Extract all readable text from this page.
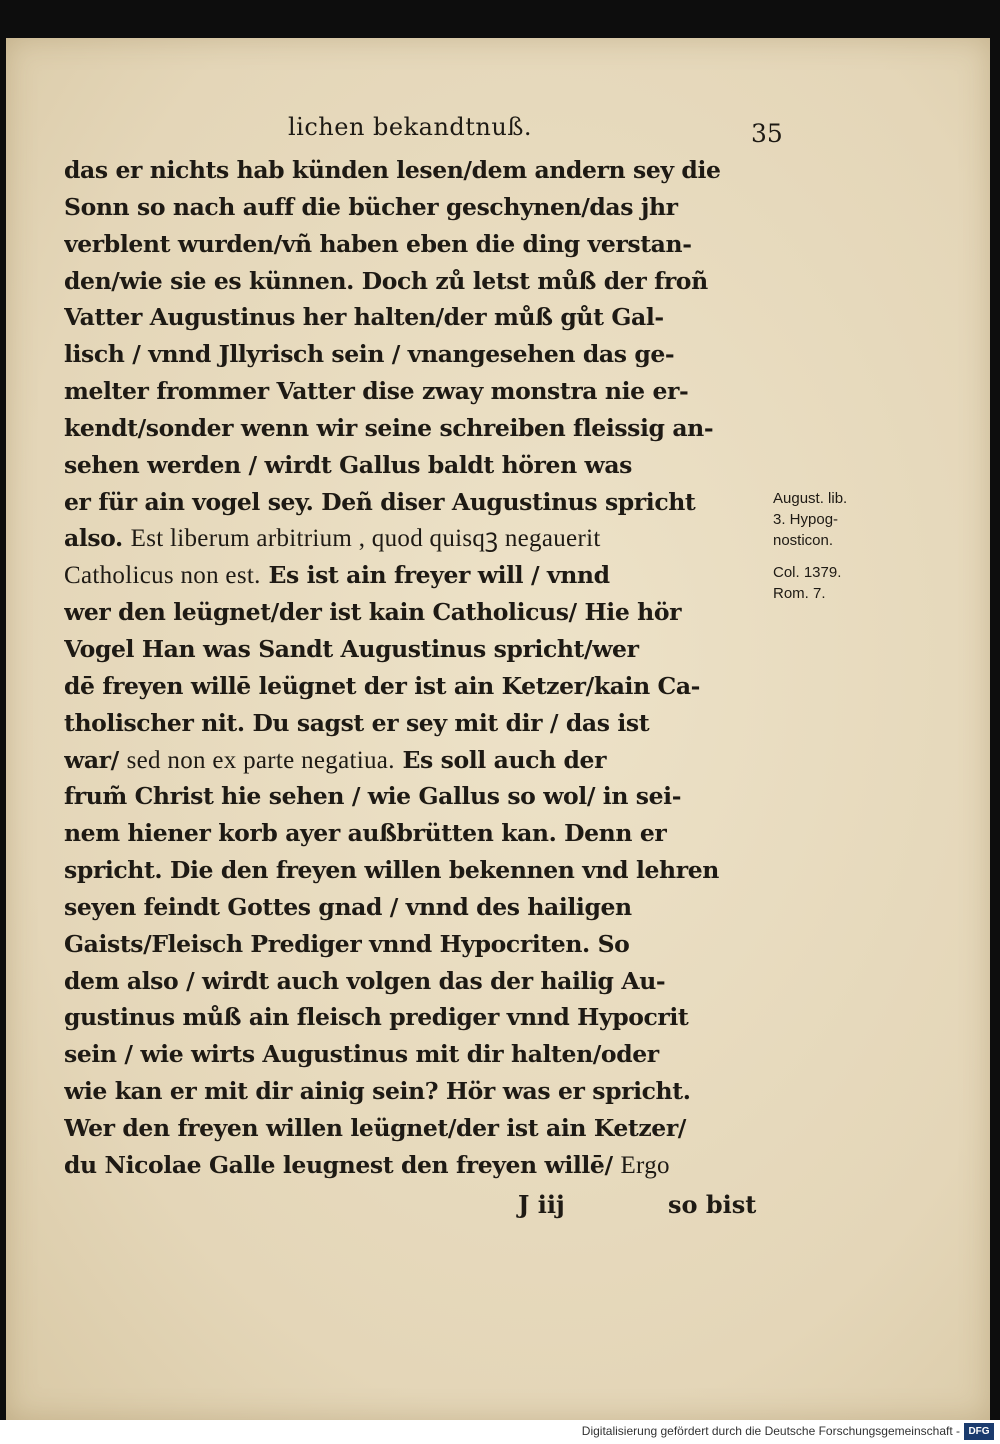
lichen bekandtnuß.	35
das er nichts hab künden lesen/dem andern sey die
Sonn so nach auff die bücher geschynen/das jhr
verblent wurden/vñ haben eben die ding verstan-
den/wie sie es künnen. Doch zů letst můß der froñ
Vatter Augustinus her halten/der můß gůt Gal-
lisch / vnnd Jllyrisch sein / vnangesehen das ge-
melter frommer Vatter dise zway monstra nie er-
kendt/sonder wenn wir seine schreiben fleissig an-
sehen werden / wirdt Gallus baldt hören was
er für ain vogel sey. Deñ diser Augustinus spricht
also. Est liberum arbitrium , quod quisqꝫ negauerit
Catholicus non est. Es ist ain freyer will / vnnd
wer den leügnet/der ist kain Catholicus/ Hie hör
Vogel Han was Sandt Augustinus spricht/wer
dē freyen willē leügnet der ist ain Ketzer/kain Ca-
tholischer nit. Du sagst er sey mit dir / das ist
war/ sed non ex parte negatiua. Es soll auch der
frum̃ Christ hie sehen / wie Gallus so wol/ in sei-
nem hiener korb ayer außbrütten kan. Denn er
spricht. Die den freyen willen bekennen vnd lehren
seyen feindt Gottes gnad / vnnd des hailigen
Gaists/Fleisch Prediger vnnd Hypocriten. So
dem also / wirdt auch volgen das der hailig Au-
gustinus můß ain fleisch prediger vnnd Hypocrit
sein / wie wirts Augustinus mit dir halten/oder
wie kan er mit dir ainig sein? Hör was er spricht.
Wer den freyen willen leügnet/der ist ain Ketzer/
du Nicolae Galle leugnest den freyen willē/ Ergo
August. lib.
3. Hypog-
nosticon.
Col. 1379.
Rom. 7.
J iij	so bist
Digitalisierung gefördert durch die Deutsche Forschungsgemeinschaft - DFG
